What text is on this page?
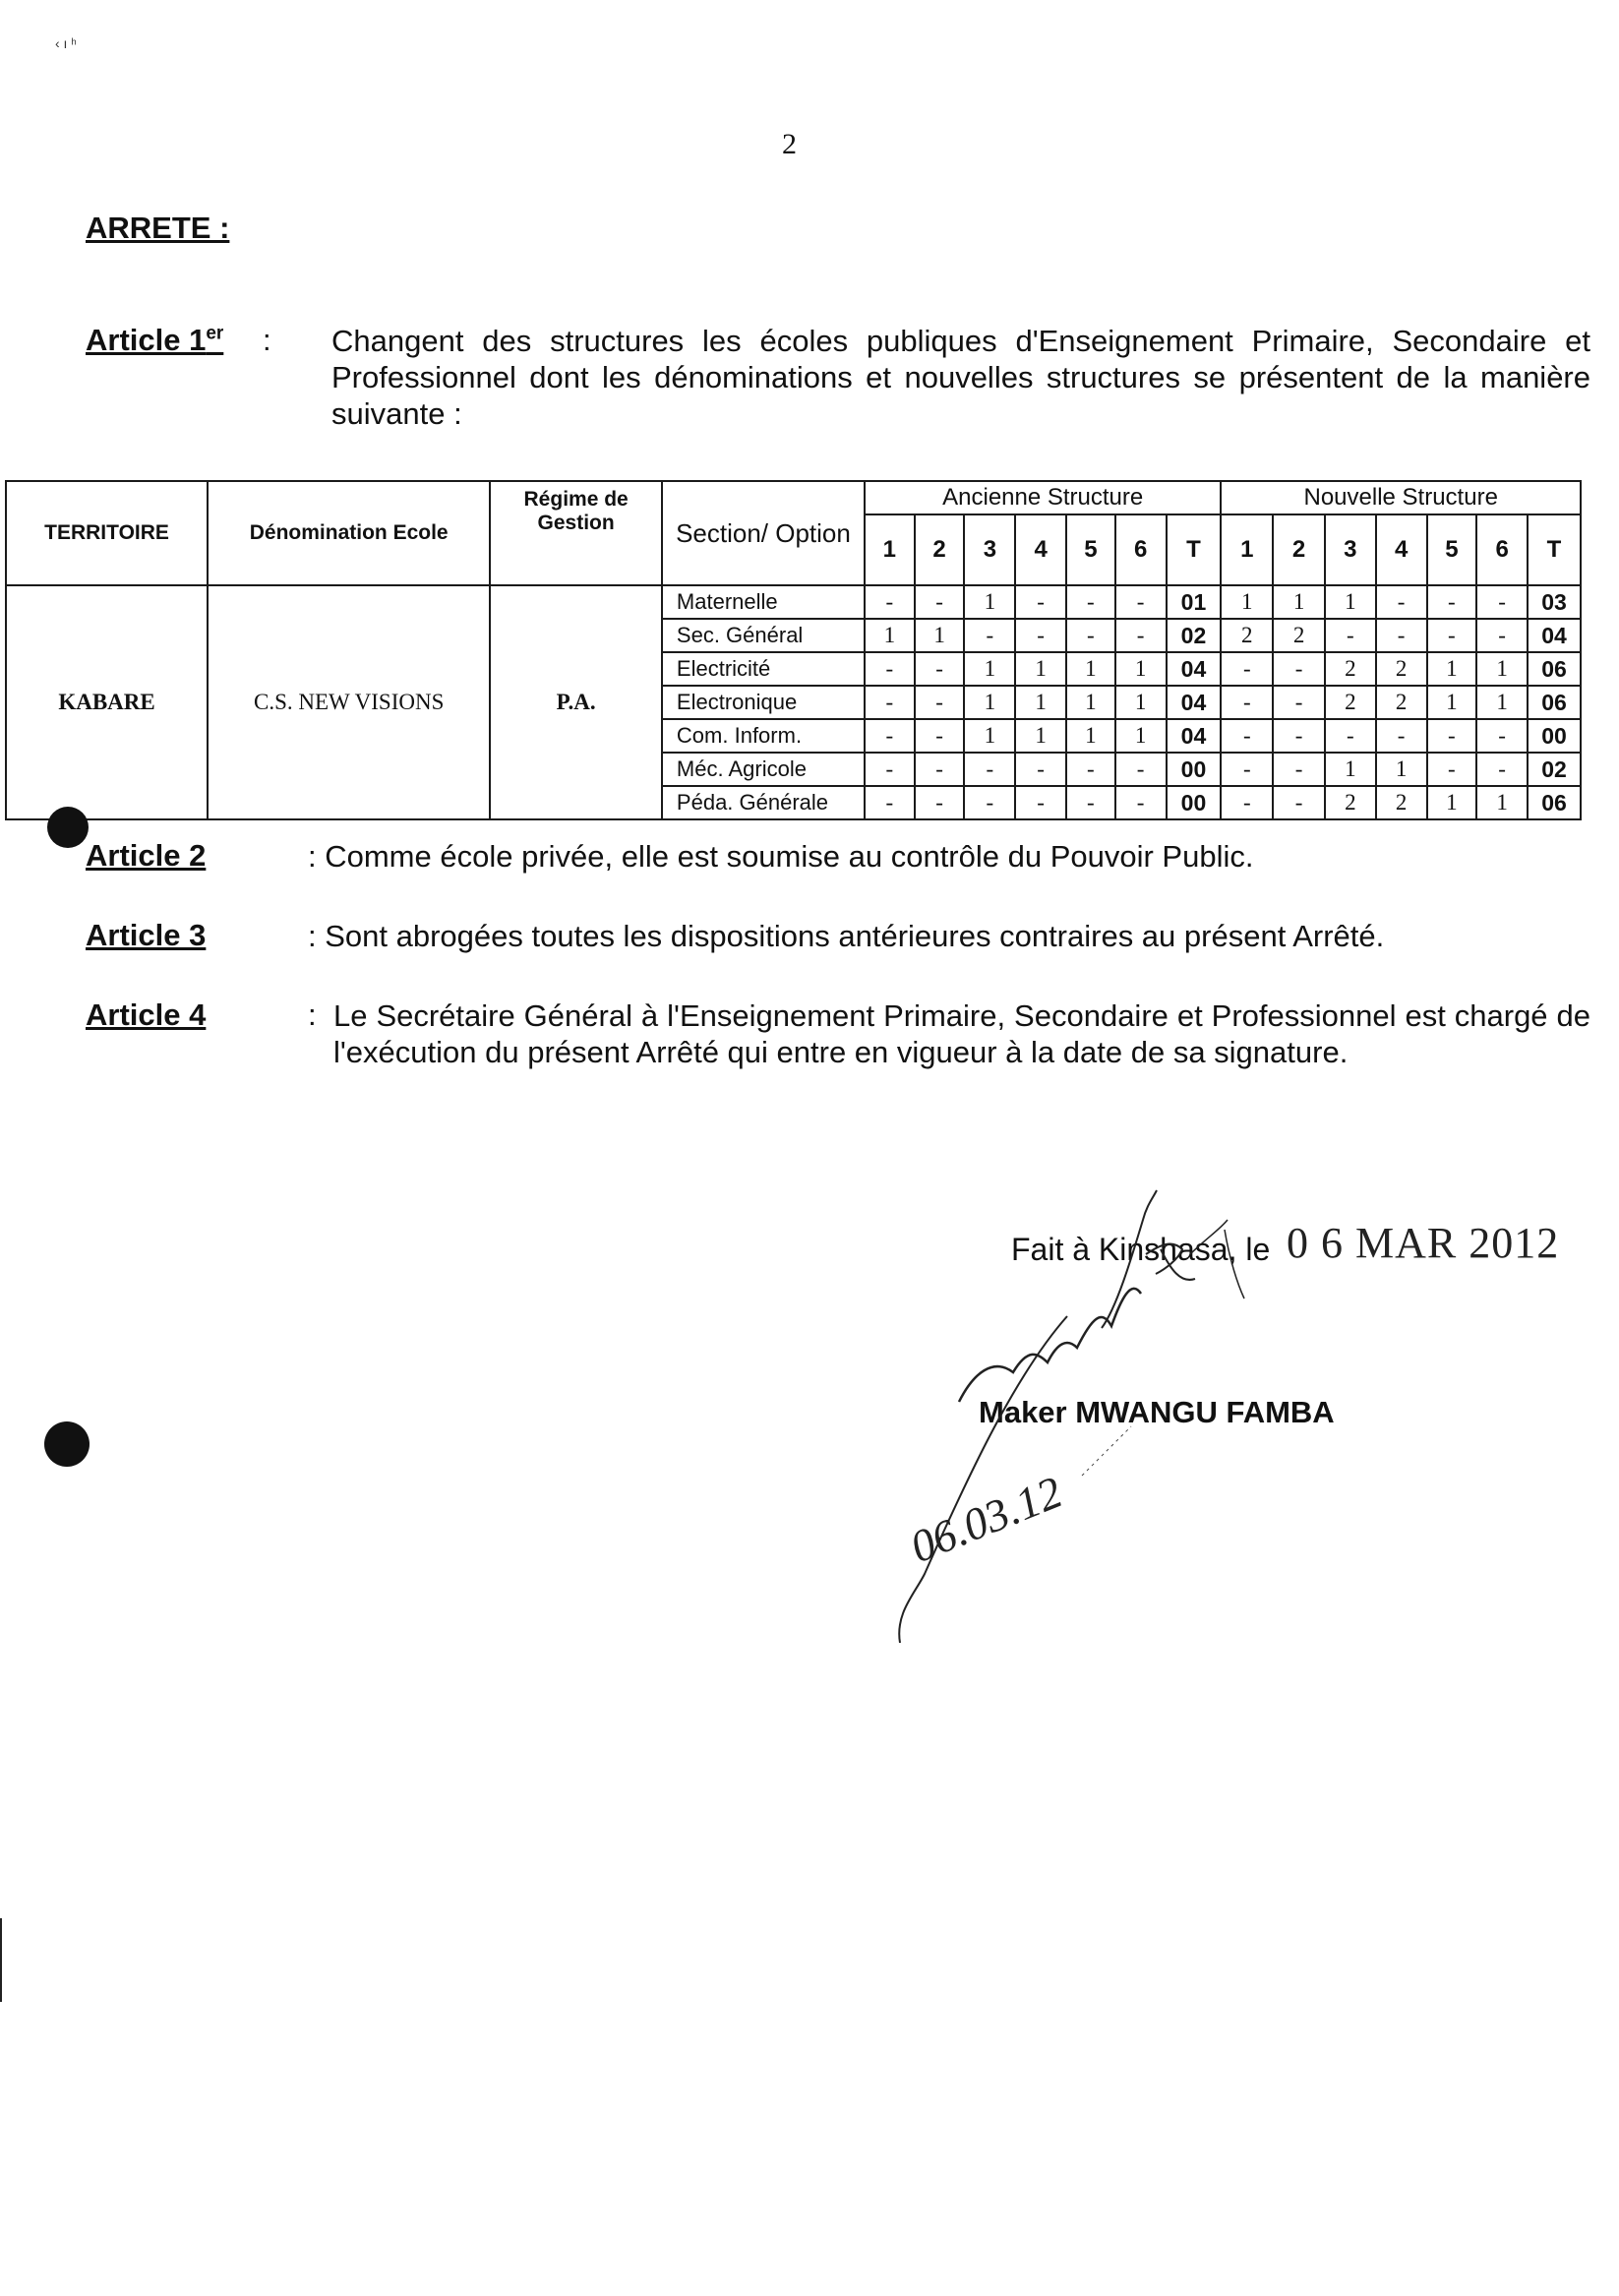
‹ ı ʰ
2
ARRETE :
Article 1er : Changent des structures les écoles publiques d'Enseignement Primaire, Secondaire et Professionnel dont les dénominations et nouvelles structures se présentent de la manière suivante :
TERRITOIRE	Dénomination Ecole	Régime de Gestion	Section/ Option	Ancienne Structure							Nouvelle Structure						
				1	2	3	4	5	6	T	1	2	3	4	5	6	T
KABARE	C.S. NEW VISIONS	P.A.	Maternelle	-	-	1	-	-	-	01	1	1	1	-	-	-	03
			Sec. Général	1	1	-	-	-	-	02	2	2	-	-	-	-	04
			Electricité	-	-	1	1	1	1	04	-	-	2	2	1	1	06
			Electronique	-	-	1	1	1	1	04	-	-	2	2	1	1	06
			Com. Inform.	-	-	1	1	1	1	04	-	-	-	-	-	-	00
			Méc. Agricole	-	-	-	-	-	-	00	-	-	1	1	-	-	02
			Péda. Générale	-	-	-	-	-	-	00	-	-	2	2	1	1	06
Article 2	: Comme école privée, elle est soumise au contrôle du Pouvoir Public.
Article 3	: Sont abrogées toutes les dispositions antérieures contraires au présent Arrêté.
Article 4	: Le Secrétaire Général à l'Enseignement Primaire, Secondaire et Professionnel est chargé de l'exécution du présent Arrêté qui entre en vigueur à la date de sa signature.
Fait à Kinshasa, le 0 6 MAR 2012
Maker MWANGU FAMBA
06.03.12
